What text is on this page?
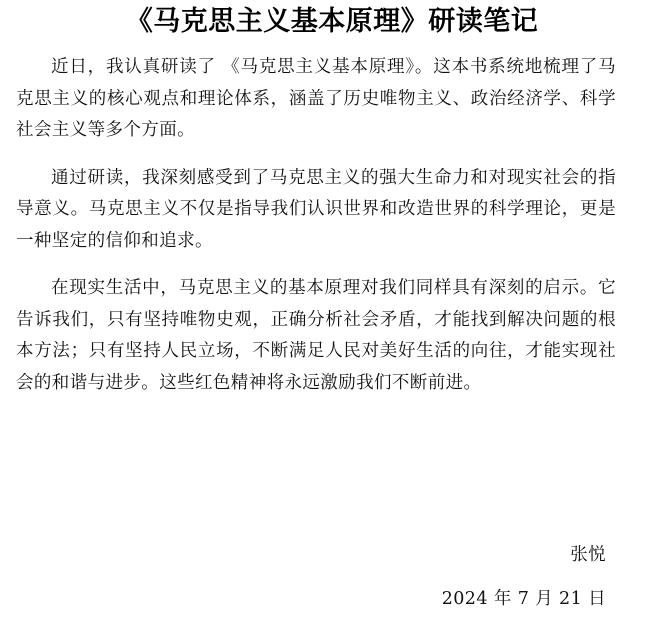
《马克思主义基本原理》研读笔记

近日，我认真研读了 《马克思主义基本原理》。这本书系统地梳理了马克思主义的核心观点和理论体系，涵盖了历史唯物主义、政治经济学、科学社会主义等多个方面。

通过研读，我深刻感受到了马克思主义的强大生命力和对现实社会的指导意义。马克思主义不仅是指导我们认识世界和改造世界的科学理论，更是一种坚定的信仰和追求。

在现实生活中，马克思主义的基本原理对我们同样具有深刻的启示。它告诉我们，只有坚持唯物史观，正确分析社会矛盾，才能找到解决问题的根本方法；只有坚持人民立场，不断满足人民对美好生活的向往，才能实现社会的和谐与进步。这些红色精神将永远激励我们不断前进。

张悦
2024 年 7 月 21 日
